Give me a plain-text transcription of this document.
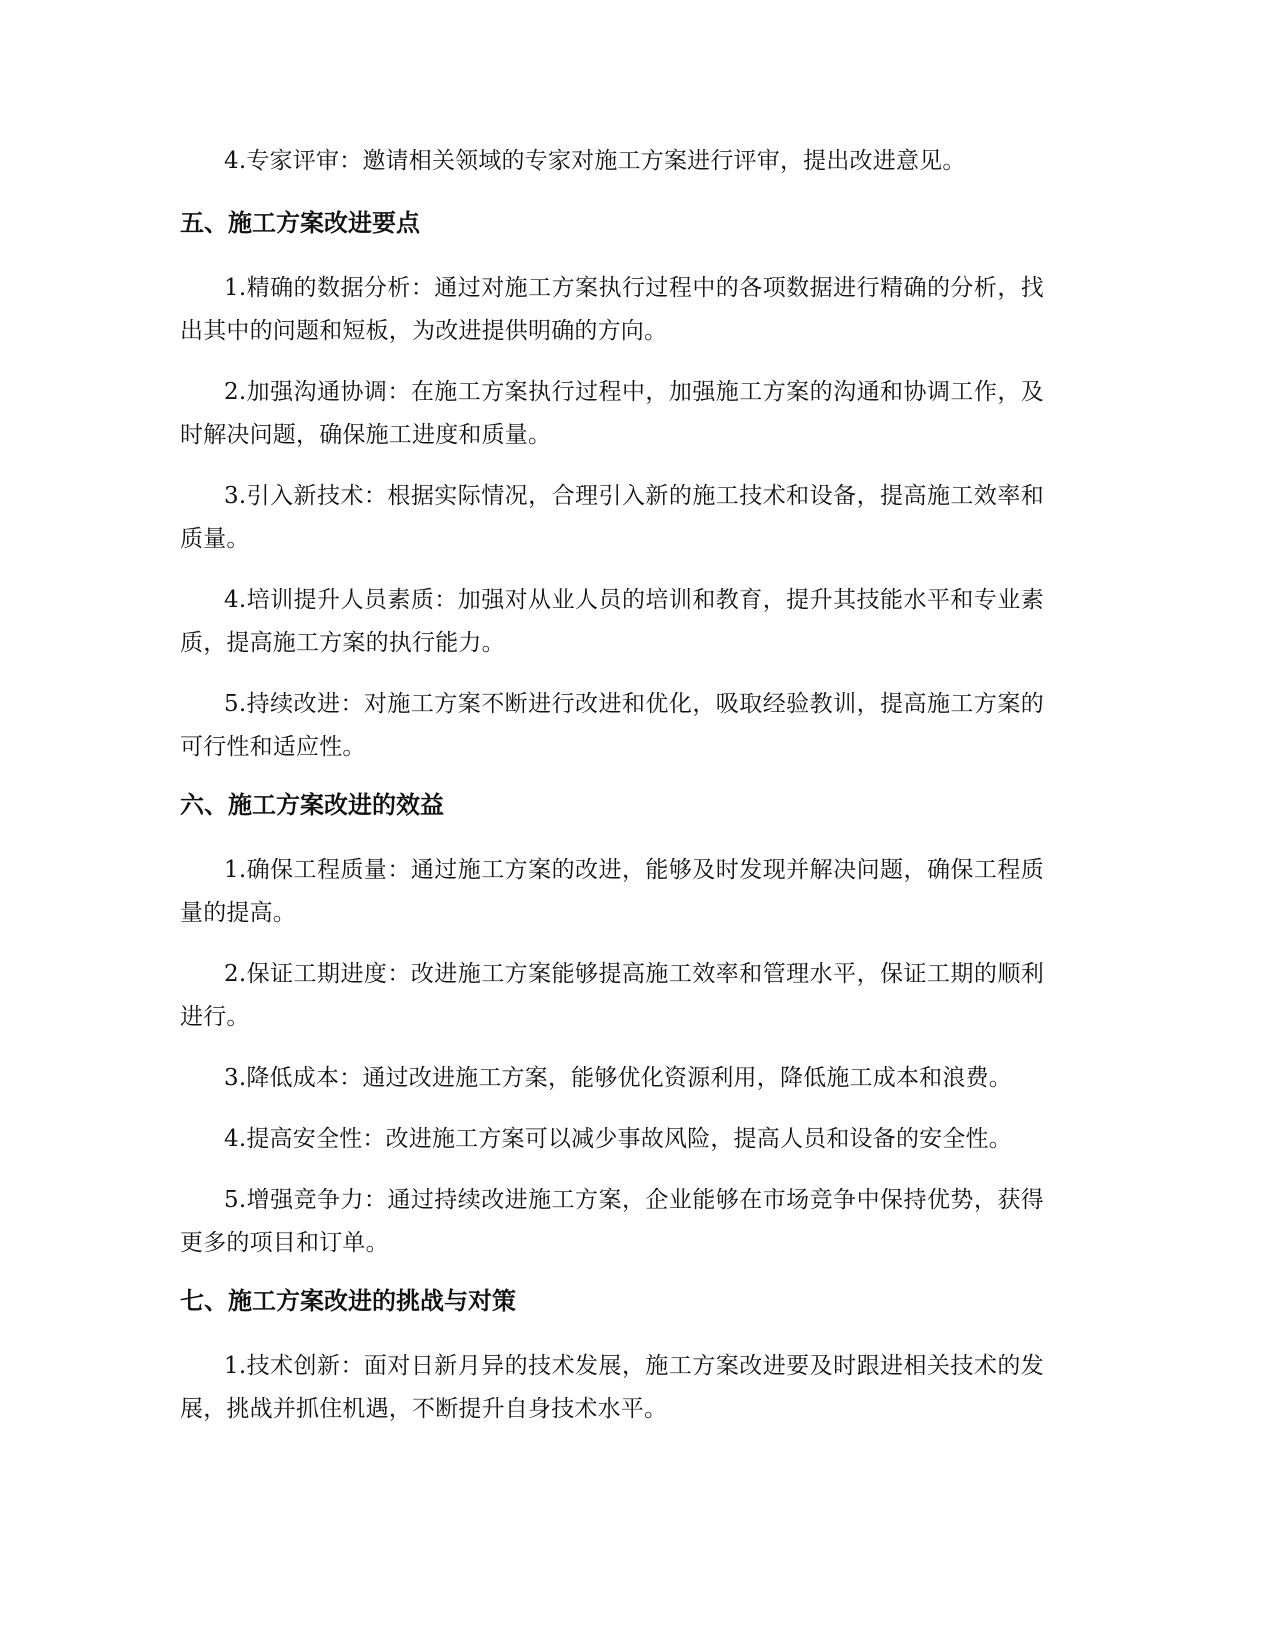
4.专家评审：邀请相关领域的专家对施工方案进行评审，提出改进意见。

五、施工方案改进要点

1.精确的数据分析：通过对施工方案执行过程中的各项数据进行精确的分析，找出其中的问题和短板，为改进提供明确的方向。

2.加强沟通协调：在施工方案执行过程中，加强施工方案的沟通和协调工作，及时解决问题，确保施工进度和质量。

3.引入新技术：根据实际情况，合理引入新的施工技术和设备，提高施工效率和质量。

4.培训提升人员素质：加强对从业人员的培训和教育，提升其技能水平和专业素质，提高施工方案的执行能力。

5.持续改进：对施工方案不断进行改进和优化，吸取经验教训，提高施工方案的可行性和适应性。

六、施工方案改进的效益

1.确保工程质量：通过施工方案的改进，能够及时发现并解决问题，确保工程质量的提高。

2.保证工期进度：改进施工方案能够提高施工效率和管理水平，保证工期的顺利进行。

3.降低成本：通过改进施工方案，能够优化资源利用，降低施工成本和浪费。

4.提高安全性：改进施工方案可以减少事故风险，提高人员和设备的安全性。

5.增强竞争力：通过持续改进施工方案，企业能够在市场竞争中保持优势，获得更多的项目和订单。

七、施工方案改进的挑战与对策

1.技术创新：面对日新月异的技术发展，施工方案改进要及时跟进相关技术的发展，挑战并抓住机遇，不断提升自身技术水平。
